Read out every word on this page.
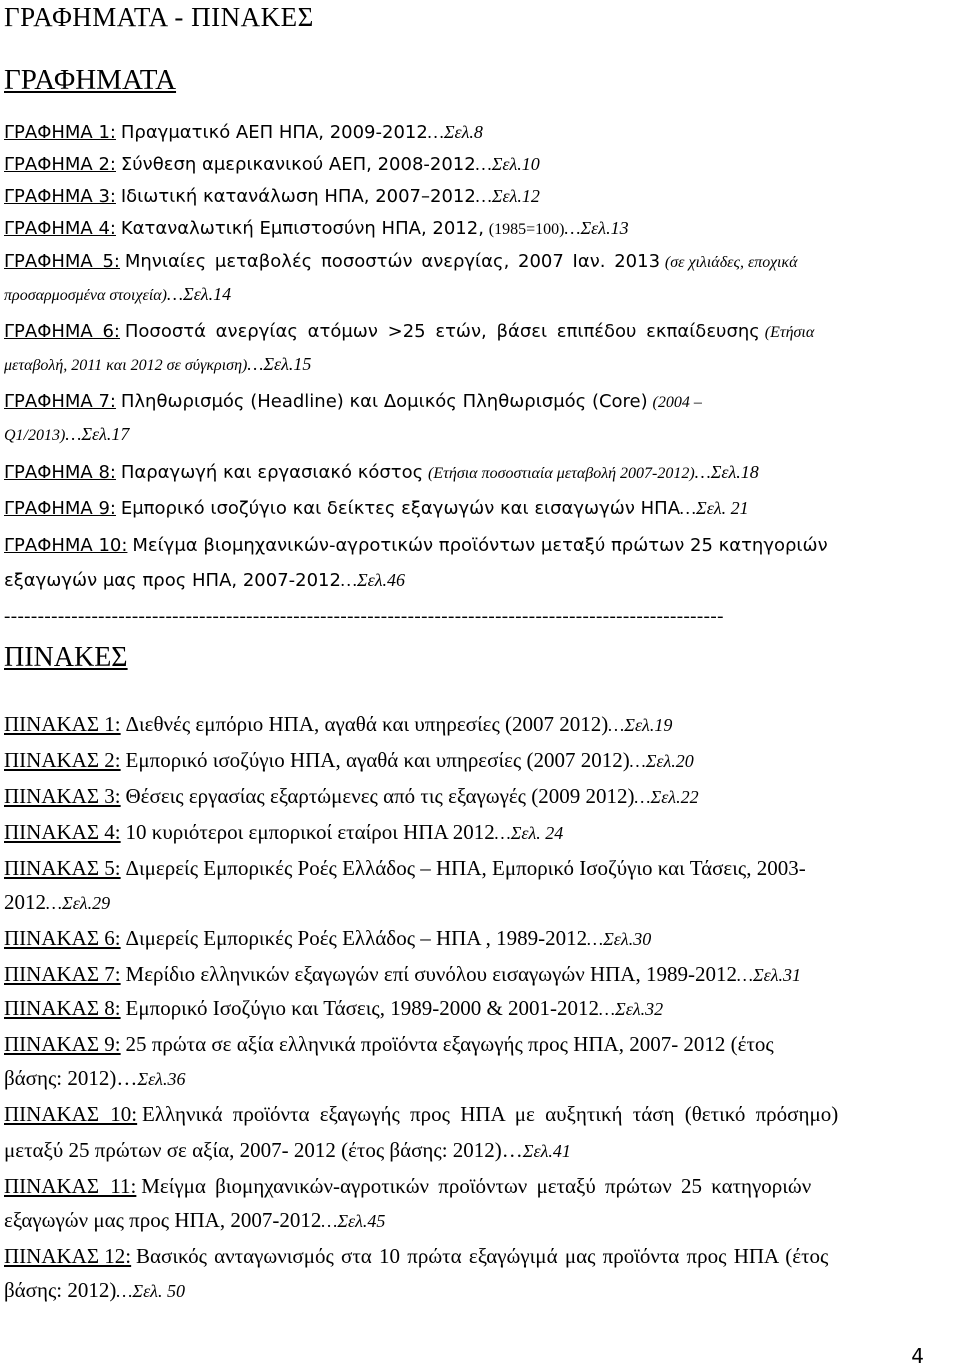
ΓΡΑΦΗΜΑΤΑ - ΠΙΝΑΚΕΣ
ΓΡΑΦΗΜΑΤΑ
ΓΡΑΦΗΜΑ 1: Πραγματικό ΑΕΠ ΗΠΑ, 2009-2012…Σελ.8
ΓΡΑΦΗΜΑ 2: Σύνθεση αμερικανικού ΑΕΠ, 2008-2012…Σελ.10
ΓΡΑΦΗΜΑ 3: Ιδιωτική κατανάλωση ΗΠΑ, 2007–2012…Σελ.12
ΓΡΑΦΗΜΑ 4: Καταναλωτική Εμπιστοσύνη ΗΠΑ, 2012, (1985=100)…Σελ.13
ΓΡΑΦΗΜΑ 5: Μηνιαίες μεταβολές ποσοστών ανεργίας, 2007 Ιαν. 2013 (σε χιλιάδες, εποχικά
προσαρμοσμένα στοιχεία)…Σελ.14
ΓΡΑΦΗΜΑ 6: Ποσοστά ανεργίας ατόμων >25 ετών, βάσει επιπέδου εκπαίδευσης (Ετήσια
μεταβολή, 2011 και 2012 σε σύγκριση)…Σελ.15
ΓΡΑΦΗΜΑ 7: Πληθωρισμός (Headline) και Δομικός Πληθωρισμός (Core) (2004 –
Q1/2013)…Σελ.17
ΓΡΑΦΗΜΑ 8: Παραγωγή και εργασιακό κόστος (Ετήσια ποσοστιαία μεταβολή 2007-2012)…Σελ.18
ΓΡΑΦΗΜΑ 9: Εμπορικό ισοζύγιο και δείκτες εξαγωγών και εισαγωγών ΗΠΑ…Σελ. 21
ΓΡΑΦΗΜΑ 10: Μείγμα βιομηχανικών-αγροτικών προϊόντων μεταξύ πρώτων 25 κατηγοριών
εξαγωγών μας προς ΗΠΑ, 2007-2012…Σελ.46
-----------------------------------------------------------------------------------------------------------
ΠΙΝΑΚΕΣ
ΠΙΝΑΚΑΣ 1: Διεθνές εμπόριο ΗΠΑ, αγαθά και υπηρεσίες (2007 2012)…Σελ.19
ΠΙΝΑΚΑΣ 2: Εμπορικό ισοζύγιο ΗΠΑ, αγαθά και υπηρεσίες (2007 2012)…Σελ.20
ΠΙΝΑΚΑΣ 3: Θέσεις εργασίας εξαρτώμενες από τις εξαγωγές (2009 2012)…Σελ.22
ΠΙΝΑΚΑΣ 4: 10 κυριότεροι εμπορικοί εταίροι ΗΠΑ 2012…Σελ. 24
ΠΙΝΑΚΑΣ 5: Διμερείς Εμπορικές Ροές Ελλάδος – ΗΠΑ, Εμπορικό Ισοζύγιο και Τάσεις, 2003-
2012…Σελ.29
ΠΙΝΑΚΑΣ 6: Διμερείς Εμπορικές Ροές Ελλάδος – ΗΠΑ , 1989-2012…Σελ.30
ΠΙΝΑΚΑΣ 7: Μερίδιο ελληνικών εξαγωγών επί συνόλου εισαγωγών ΗΠΑ, 1989-2012…Σελ.31
ΠΙΝΑΚΑΣ 8: Εμπορικό Ισοζύγιο και Τάσεις, 1989-2000 & 2001-2012…Σελ.32
ΠΙΝΑΚΑΣ 9: 25 πρώτα σε αξία ελληνικά προϊόντα εξαγωγής προς ΗΠΑ, 2007- 2012 (έτος
βάσης: 2012)…Σελ.36
ΠΙΝΑΚΑΣ 10: Ελληνικά προϊόντα εξαγωγής προς ΗΠΑ με αυξητική τάση (θετικό πρόσημο)
μεταξύ 25 πρώτων σε αξία, 2007- 2012 (έτος βάσης: 2012)…Σελ.41
ΠΙΝΑΚΑΣ 11: Μείγμα βιομηχανικών-αγροτικών προϊόντων μεταξύ πρώτων 25 κατηγοριών
εξαγωγών μας προς ΗΠΑ, 2007-2012…Σελ.45
ΠΙΝΑΚΑΣ 12: Βασικός ανταγωνισμός στα 10 πρώτα εξαγώγιμά μας προϊόντα προς ΗΠΑ (έτος
βάσης: 2012)…Σελ. 50
4
